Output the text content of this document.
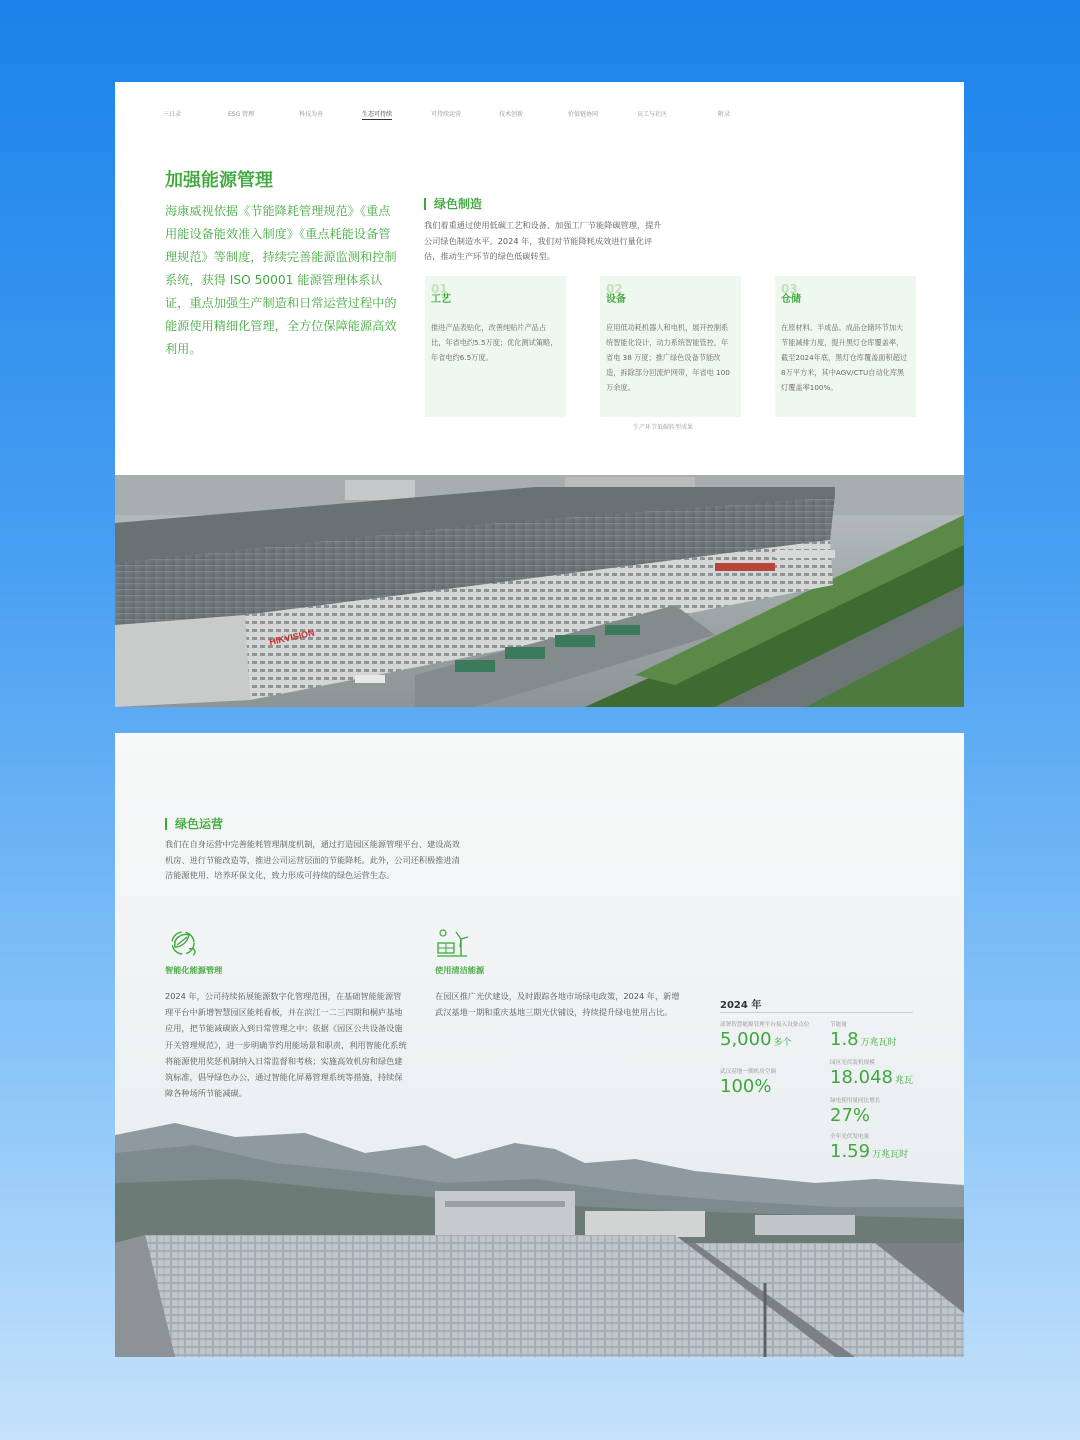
三日录	ESG 管理	科技为善	生态可持续	可持续运营	技术创新	价值链协同	员工与社区	附录
加强能源管理
海康威视依据《节能降耗管理规范》《重点用能设备能效准入制度》《重点耗能设备管理规范》等制度，持续完善能源监测和控制系统，获得 ISO 50001 能源管理体系认证，重点加强生产制造和日常运营过程中的能源使用精细化管理，全方位保障能源高效利用。
绿色制造
我们着重通过使用低碳工艺和设备、加强工厂节能降碳管理，提升公司绿色制造水平。2024 年，我们对节能降耗成效进行量化评估，推动生产环节的绿色低碳转型。
01
工艺
推进产品表贴化，改善纯贴片产品占比，年省电约5.5万度；优化测试策略，年省电约6.5万度。
02
设备
应用低功耗机器人和电机，展开控制系统智能化设计，动力系统智能管控，年省电 38 万度；推广绿色设备节能改造，拆除部分回流炉网带，年省电 100 万余度。
03
仓储
在原材料、半成品、成品仓储环节加大节能减排力度，提升黑灯仓库覆盖率，截至2024年底，黑灯仓库覆盖面积超过8万平方米，其中AGV/CTU自动化库黑灯覆盖率100%。
生产环节低碳转型成果
HIKVISION
绿色运营
我们在自身运营中完善能耗管理制度机制，通过打造园区能源管理平台、建设高效机房、进行节能改造等，推进公司运营层面的节能降耗。此外，公司还积极推进清洁能源使用、培养环保文化，致力形成可持续的绿色运营生态。
智能化能源管理
2024 年，公司持续拓展能源数字化管理范围，在基础智能能源管理平台中新增智慧园区能耗看板，并在滨江一二三四期和桐庐基地应用，把节能减碳嵌入到日常管理之中；依据《园区公共设备设施开关管理规范》，进一步明确节约用能场景和职责，利用智能化系统将能源使用奖惩机制纳入日常监督和考核；实施高效机房和绿色建筑标准，倡导绿色办公，通过智能化屏幕管理系统等措施，持续保障各种场所节能减碳。
使用清洁能源
在园区推广光伏建设，及时跟踪各地市场绿电政策，2024 年，新增武汉基地一期和重庆基地三期光伏铺设，持续提升绿电使用占比。
2024 年
部署智慧能源管理平台接入设备点位
5,000 多个
武汉基地一期机房空调
100%
节能量
1.8 万兆瓦时
园区光伏装机规模
18.048 兆瓦
绿电使用量同比增长
27%
全年光伏发电量
1.59 万兆瓦时
